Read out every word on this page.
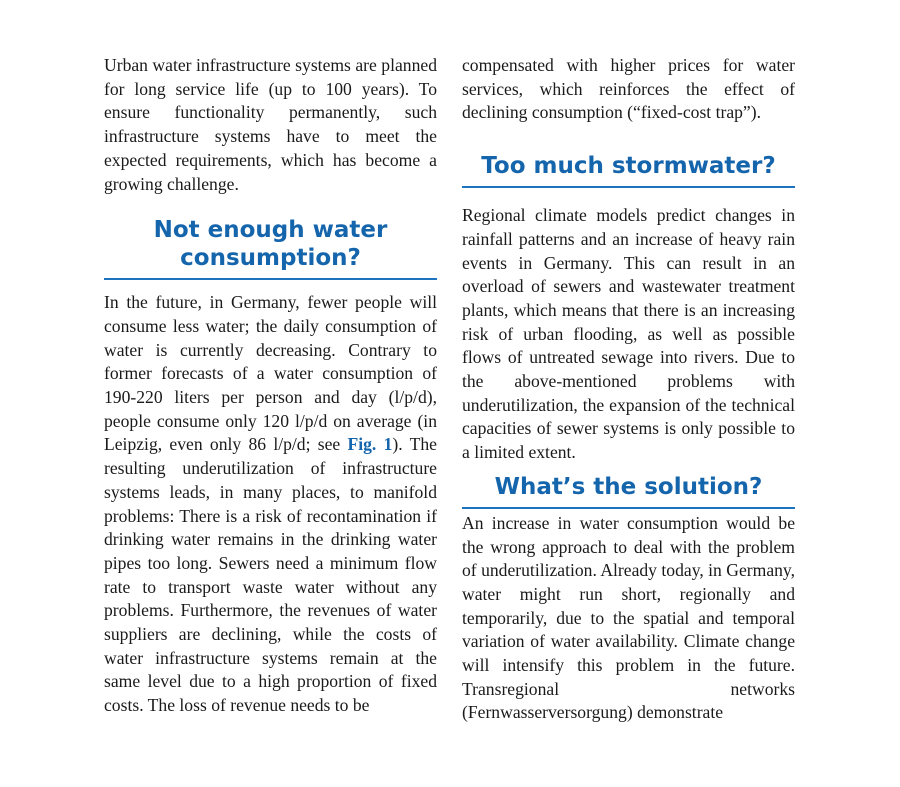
Urban water infrastructure systems are planned for long service life (up to 100 years). To ensure functionality permanently, such infrastructure systems have to meet the expected requirements, which has become a growing challenge.

Not enough water
consumption?

In the future, in Germany, fewer people will consume less water; the daily consumption of water is currently decreasing. Contrary to former forecasts of a water consumption of 190-220 liters per person and day (l/p/d), people consume only 120 l/p/d on average (in Leipzig, even only 86 l/p/d; see Fig. 1). The resulting underutilization of infrastructure systems leads, in many places, to manifold problems: There is a risk of recontamination if drinking water remains in the drinking water pipes too long. Sewers need a minimum flow rate to transport waste water without any problems. Furthermore, the revenues of water suppliers are declining, while the costs of water infrastructure systems remain at the same level due to a high proportion of fixed costs. The loss of revenue needs to be

compensated with higher prices for water services, which reinforces the effect of declining consumption (“fixed-cost trap”).

Too much stormwater?

Regional climate models predict changes in rainfall patterns and an increase of heavy rain events in Germany. This can result in an overload of sewers and wastewater treatment plants, which means that there is an increasing risk of urban flooding, as well as possible flows of untreated sewage into rivers. Due to the above-mentioned problems with underutilization, the expansion of the technical capacities of sewer systems is only possible to a limited extent.

What’s the solution?

An increase in water consumption would be the wrong approach to deal with the problem of underutilization. Already today, in Germany, water might run short, regionally and temporarily, due to the spatial and temporal variation of water availability. Climate change will intensify this problem in the future. Transregional networks (Fernwasserversorgung) demonstrate
